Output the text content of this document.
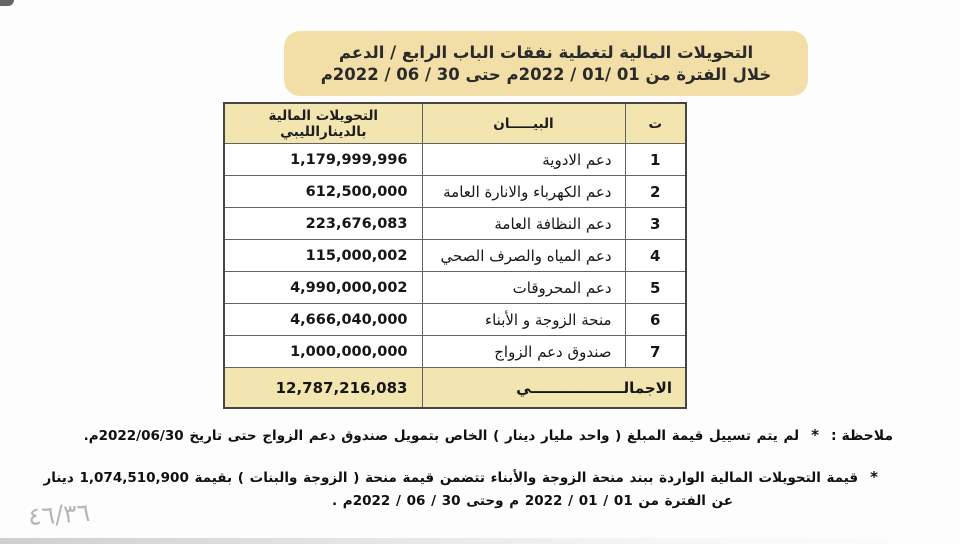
التحويلات المالية لتغطية نفقات الباب الرابع / الدعم
خلال الفترة من 01 /01 / 2022م حتى 30 / 06 / 2022م
ت	البيـــــان	التحويلات المالية بالدينارالليبي
1	دعم الادوية	1,179,999,996
2	دعم الكهرباء والانارة العامة	612,500,000
3	دعم النظافة العامة	223,676,083
4	دعم المياه والصرف الصحي	115,000,002
5	دعم المحروقات	4,990,000,002
6	منحة الزوجة و الأبناء	4,666,040,000
7	صندوق دعم الزواج	1,000,000,000
الاجمالــــــــــــــــــي		12,787,216,083
ملاحظة :
*
لم يتم تسييل قيمة المبلغ ( واحد مليار دينار ) الخاص بتمويل صندوق دعم الزواج حتى تاريخ 2022/06/30م.
*
قيمة التحويلات المالية الواردة ببند منحة الزوجة والأبناء تتضمن قيمة منحة ( الزوجة والبنات ) بقيمة 1,074,510,900 دينار
عن الفترة من 01 / 01 / 2022 م وحتى 30 / 06 / 2022م .
٤٦/٣٦
